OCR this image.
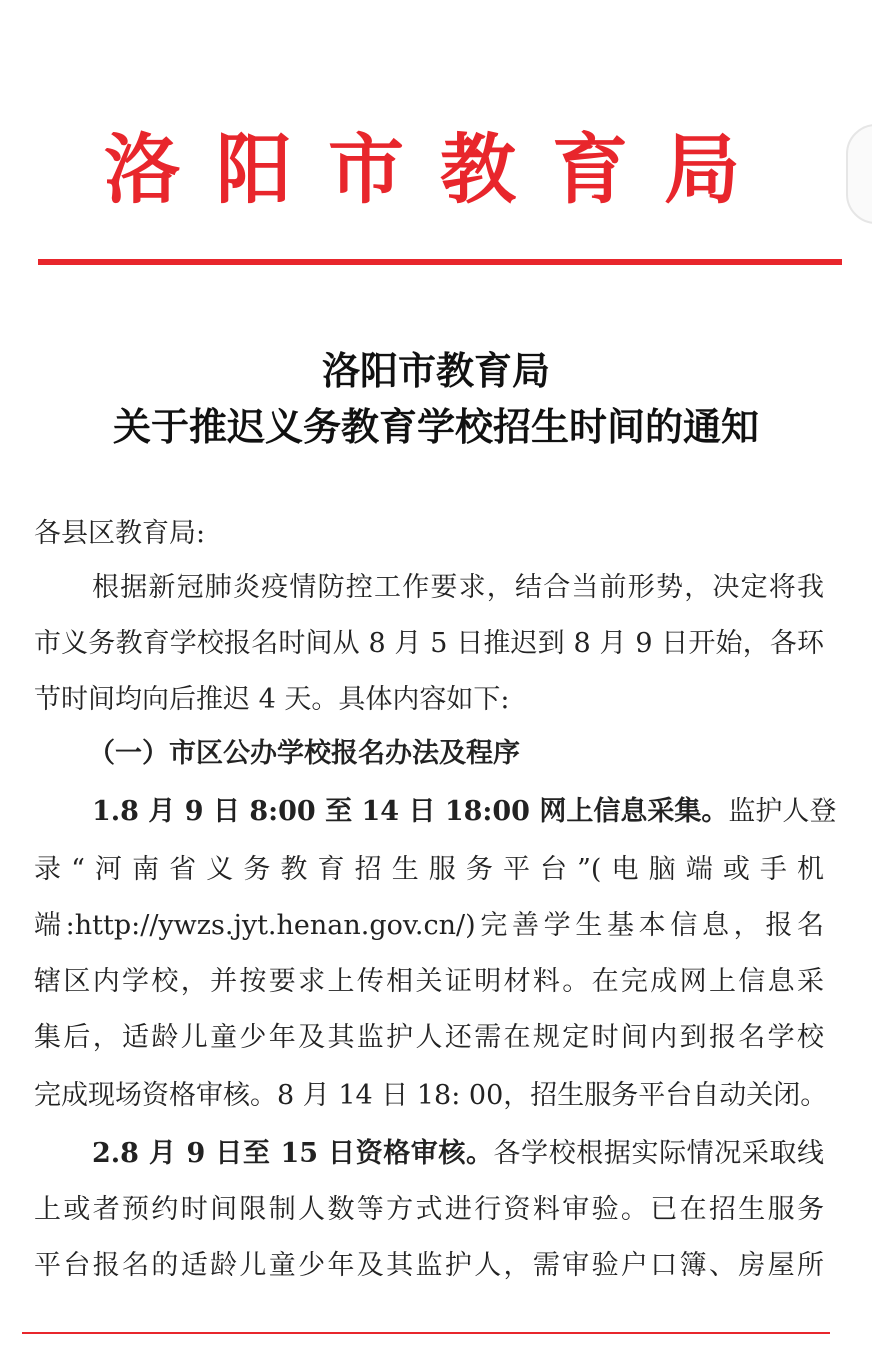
洛阳市教育局
洛阳市教育局
关于推迟义务教育学校招生时间的通知
各县区教育局:
根据新冠肺炎疫情防控工作要求，结合当前形势，决定将我
市义务教育学校报名时间从 8 月 5 日推迟到 8 月 9 日开始，各环
节时间均向后推迟 4 天。具体内容如下:
（一）市区公办学校报名办法及程序
1.8 月 9 日 8:00 至 14 日 18:00 网上信息采集。监护人登
录“河南省义务教育招生服务平台”(电脑端或手机
端:http://ywzs.jyt.henan.gov.cn/)完善学生基本信息，报名
辖区内学校，并按要求上传相关证明材料。在完成网上信息采
集后，适龄儿童少年及其监护人还需在规定时间内到报名学校
完成现场资格审核。8 月 14 日 18: 00，招生服务平台自动关闭。
2.8 月 9 日至 15 日资格审核。各学校根据实际情况采取线
上或者预约时间限制人数等方式进行资料审验。已在招生服务
平台报名的适龄儿童少年及其监护人，需审验户口簿、房屋所
